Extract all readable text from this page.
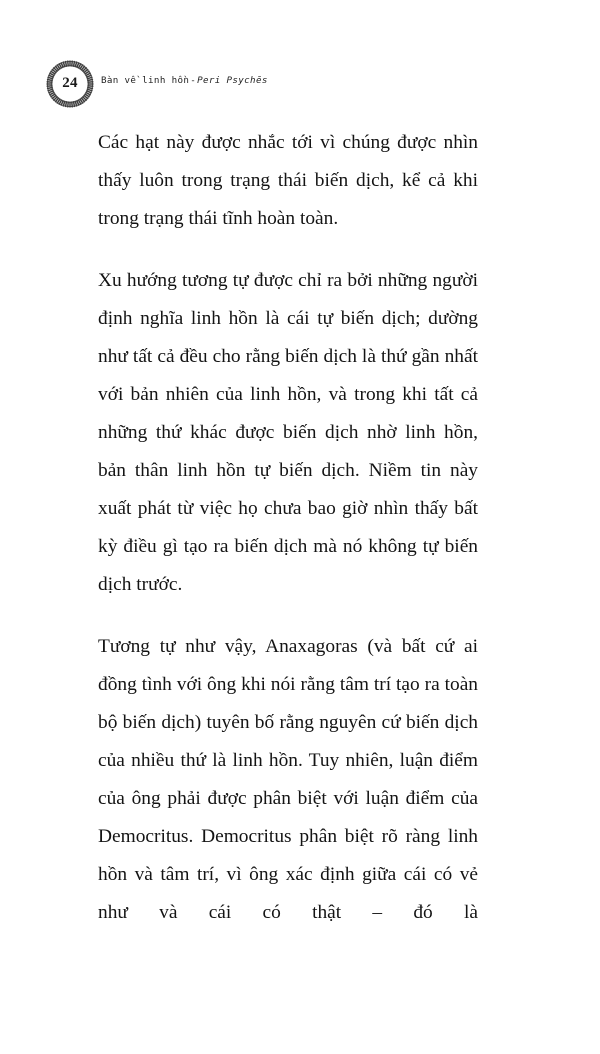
24	Bàn về linh hồn-Peri Psychēs

Các hạt này được nhắc tới vì chúng được nhìn thấy luôn trong trạng thái biến dịch, kể cả khi trong trạng thái tĩnh hoàn toàn.

Xu hướng tương tự được chỉ ra bởi những người định nghĩa linh hồn là cái tự biến dịch; dường như tất cả đều cho rằng biến dịch là thứ gần nhất với bản nhiên của linh hồn, và trong khi tất cả những thứ khác được biến dịch nhờ linh hồn, bản thân linh hồn tự biến dịch. Niềm tin này xuất phát từ việc họ chưa bao giờ nhìn thấy bất kỳ điều gì tạo ra biến dịch mà nó không tự biến dịch trước.

Tương tự như vậy, Anaxagoras (và bất cứ ai đồng tình với ông khi nói rằng tâm trí tạo ra toàn bộ biến dịch) tuyên bố rằng nguyên cứ biến dịch của nhiều thứ là linh hồn. Tuy nhiên, luận điểm của ông phải được phân biệt với luận điểm của Democritus. Democritus phân biệt rõ ràng linh hồn và tâm trí, vì ông xác định giữa cái có vẻ như và cái có thật – đó là
